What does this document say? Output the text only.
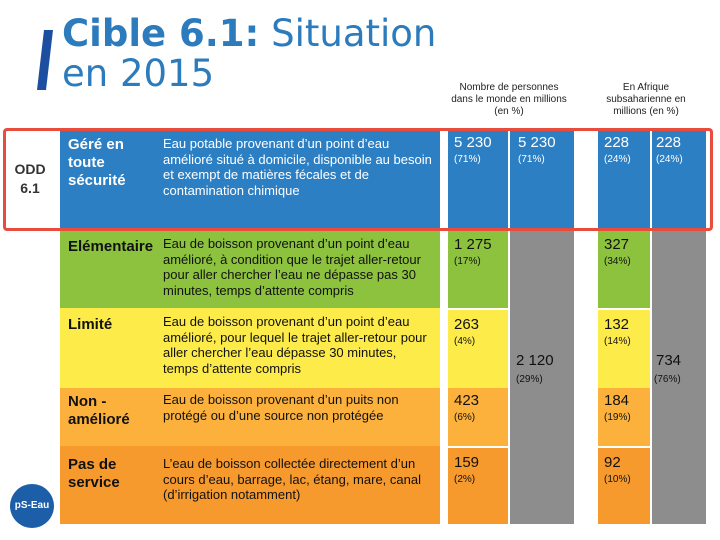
Cible 6.1: Situation
en 2015
ODD
6.1
Nombre de personnes dans le monde en millions (en %)
En Afrique subsaharienne en millions (en %)
Géré en toute sécurité
Eau potable provenant d’un point d’eau amélioré situé à domicile, disponible au besoin et exempt de matières fécales et de contamination chimique
Elémentaire Eau de boisson provenant d’un point d’eau amélioré, à condition que le trajet aller-retour pour aller chercher l’eau ne dépasse pas 30 minutes, temps d’attente compris
Limité	Eau de boisson provenant d’un point d’eau amélioré, pour lequel le trajet aller-retour pour aller chercher l’eau dépasse 30 minutes, temps d’attente compris
Non - amélioré
Eau de boisson provenant d’un puits non protégé ou d’une source non protégée
Pas de service
L’eau de boisson collectée directement d’un cours d’eau, barrage, lac, étang, mare, canal (d’irrigation notamment)
5 230
(71%)
5 230
(71%)
1 275
(17%)
263
(4%)
423
(6%)
159
(2%)
2 120
(29%)
228
(24%)
228
(24%)
327
(34%)
132
(14%)
184
(19%)
92
(10%)
734
(76%)
pS-Eau
